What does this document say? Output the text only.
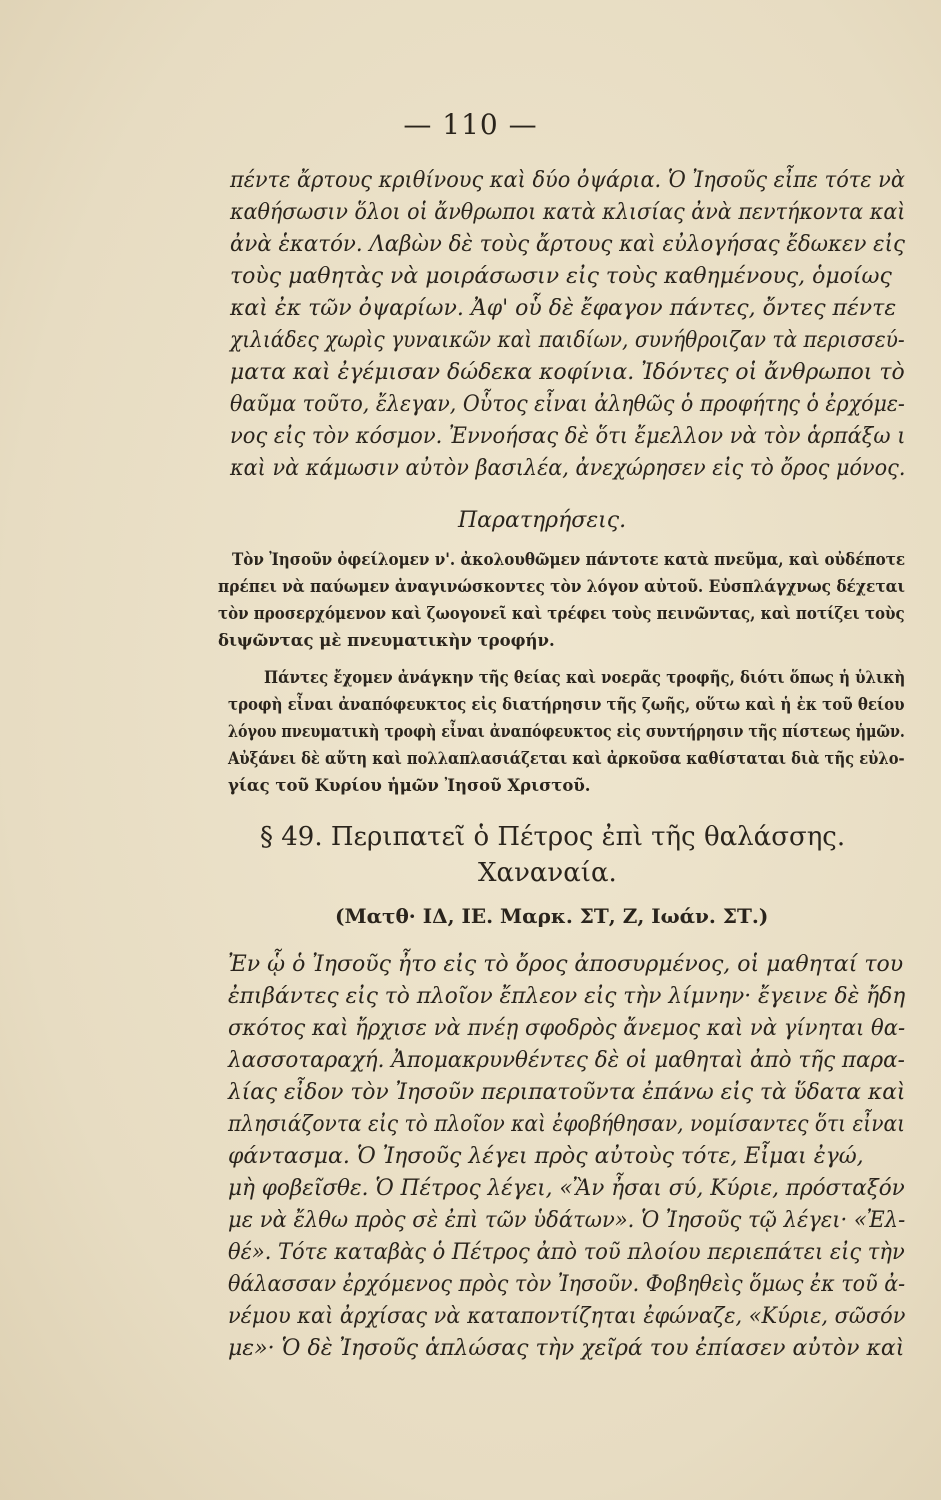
— 110 —
πέντε ἄρτους κριθίνους καὶ δύο ὀψάρια. Ὁ Ἰησοῦς εἶπε τότε νὰ
καθήσωσιν ὅλοι οἱ ἄνθρωποι κατὰ κλισίας ἀνὰ πεντήκοντα καὶ
ἀνὰ ἑκατόν. Λαβὼν δὲ τοὺς ἄρτους καὶ εὐλογήσας ἔδωκεν εἰς
τοὺς μαθητὰς νὰ μοιράσωσιν εἰς τοὺς καθημένους, ὁμοίως
καὶ ἐκ τῶν ὀψαρίων. Ἀφ' οὗ δὲ ἔφαγον πάντες, ὄντες πέντε
χιλιάδες χωρὶς γυναικῶν καὶ παιδίων, συνήθροιζαν τὰ περισσεύ-
ματα καὶ ἐγέμισαν δώδεκα κοφίνια. Ἰδόντες οἱ ἄνθρωποι τὸ
θαῦμα τοῦτο, ἔλεγαν, Οὗτος εἶναι ἀληθῶς ὁ προφήτης ὁ ἐρχόμε-
νος εἰς τὸν κόσμον. Ἐννοήσας δὲ ὅτι ἔμελλον νὰ τὸν ἁρπάξω ι
καὶ νὰ κάμωσιν αὐτὸν βασιλέα, ἀνεχώρησεν εἰς τὸ ὄρος μόνος.
Παρατηρήσεις.
Τὸν Ἰησοῦν ὀφείλομεν ν'. ἀκολουθῶμεν πάντοτε κατὰ πνεῦμα, καὶ οὐδέποτε
πρέπει νὰ παύωμεν ἀναγινώσκοντες τὸν λόγον αὐτοῦ. Εὐσπλάγχνως δέχεται
τὸν προσερχόμενον καὶ ζωογονεῖ καὶ τρέφει τοὺς πεινῶντας, καὶ ποτίζει τοὺς
διψῶντας μὲ πνευματικὴν τροφήν.
Πάντες ἔχομεν ἀνάγκην τῆς θείας καὶ νοερᾶς τροφῆς, διότι ὅπως ἡ ὑλικὴ
τροφὴ εἶναι ἀναπόφευκτος εἰς διατήρησιν τῆς ζωῆς, οὕτω καὶ ἡ ἐκ τοῦ θείου
λόγου πνευματικὴ τροφὴ εἶναι ἀναπόφευκτος εἰς συντήρησιν τῆς πίστεως ἡμῶν.
Αὐξάνει δὲ αὕτη καὶ πολλαπλασιάζεται καὶ ἀρκοῦσα καθίσταται διὰ τῆς εὐλο-
γίας τοῦ Κυρίου ἡμῶν Ἰησοῦ Χριστοῦ.
§ 49. Περιπατεῖ ὁ Πέτρος ἐπὶ τῆς θαλάσσης.
Χαναναία.
(Ματθ· ΙΔ, ΙΕ. Μαρκ. ΣΤ, Ζ, Ιωάν. ΣΤ.)
Ἐν ᾧ ὁ Ἰησοῦς ἦτο εἰς τὸ ὄρος ἀποσυρμένος, οἱ μαθηταί του
ἐπιβάντες εἰς τὸ πλοῖον ἔπλεον εἰς τὴν λίμνην· ἔγεινε δὲ ἤδη
σκότος καὶ ἤρχισε νὰ πνέῃ σφοδρὸς ἄνεμος καὶ νὰ γίνηται θα-
λασσοταραχή. Ἀπομακρυνθέντες δὲ οἱ μαθηταὶ ἀπὸ τῆς παρα-
λίας εἶδον τὸν Ἰησοῦν περιπατοῦντα ἐπάνω εἰς τὰ ὕδατα καὶ
πλησιάζοντα εἰς τὸ πλοῖον καὶ ἐφοβήθησαν, νομίσαντες ὅτι εἶναι
φάντασμα. Ὁ Ἰησοῦς λέγει πρὸς αὐτοὺς τότε, Εἶμαι ἐγώ,
μὴ φοβεῖσθε. Ὁ Πέτρος λέγει, «Ἂν ἦσαι σύ, Κύριε, πρόσταξόν
με νὰ ἔλθω πρὸς σὲ ἐπὶ τῶν ὑδάτων». Ὁ Ἰησοῦς τῷ λέγει· «Ἐλ-
θέ». Τότε καταβὰς ὁ Πέτρος ἀπὸ τοῦ πλοίου περιεπάτει εἰς τὴν
θάλασσαν ἐρχόμενος πρὸς τὸν Ἰησοῦν. Φοβηθεὶς ὅμως ἐκ τοῦ ἀ-
νέμου καὶ ἀρχίσας νὰ καταποντίζηται ἐφώναζε, «Κύριε, σῶσόν
με»· Ὁ δὲ Ἰησοῦς ἁπλώσας τὴν χεῖρά του ἐπίασεν αὐτὸν καὶ
